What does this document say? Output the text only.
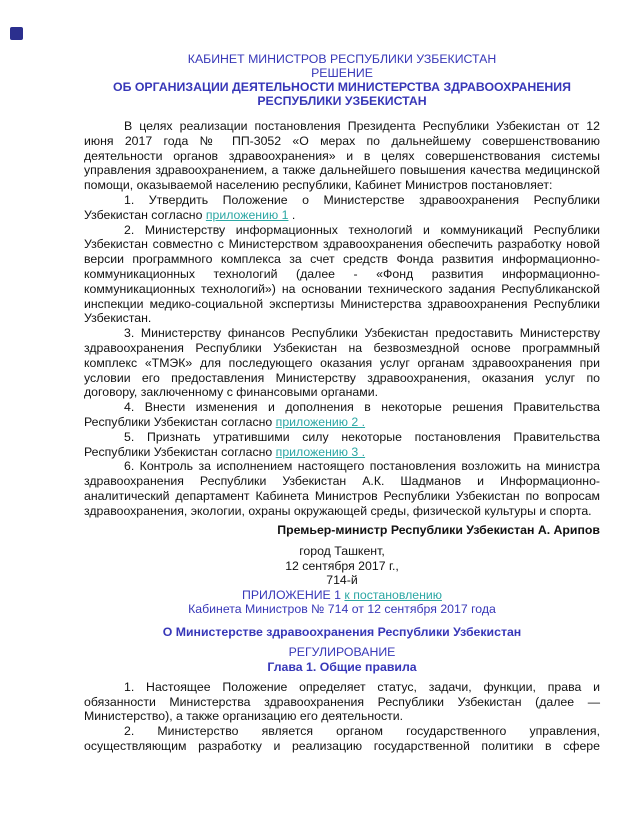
КАБИНЕТ МИНИСТРОВ РЕСПУБЛИКИ УЗБЕКИСТАН
РЕШЕНИЕ
ОБ ОРГАНИЗАЦИИ ДЕЯТЕЛЬНОСТИ МИНИСТЕРСТВА ЗДРАВООХРАНЕНИЯ РЕСПУБЛИКИ УЗБЕКИСТАН

В целях реализации постановления Президента Республики Узбекистан от 12 июня 2017 года № ПП-3052 «О мерах по дальнейшему совершенствованию деятельности органов здравоохранения» и в целях совершенствования системы управления здравоохранением, а также дальнейшего повышения качества медицинской помощи, оказываемой населению республики, Кабинет Министров постановляет:

1. Утвердить Положение о Министерстве здравоохранения Республики Узбекистан согласно приложению 1 .

2. Министерству информационных технологий и коммуникаций Республики Узбекистан совместно с Министерством здравоохранения обеспечить разработку новой версии программного комплекса за счет средств Фонда развития информационно-коммуникационных технологий (далее - «Фонд развития информационно-коммуникационных технологий») на основании технического задания Республиканской инспекции медико-социальной экспертизы Министерства здравоохранения Республики Узбекистан.

3. Министерству финансов Республики Узбекистан предоставить Министерству здравоохранения Республики Узбекистан на безвозмездной основе программный комплекс «ТМЭК» для последующего оказания услуг органам здравоохранения при условии его предоставления Министерству здравоохранения, оказания услуг по договору, заключенному с финансовыми органами.

4. Внести изменения и дополнения в некоторые решения Правительства Республики Узбекистан согласно приложению 2 .

5. Признать утратившими силу некоторые постановления Правительства Республики Узбекистан согласно приложению 3 .

6. Контроль за исполнением настоящего постановления возложить на министра здравоохранения Республики Узбекистан А.К. Шадманов и Информационно-аналитический департамент Кабинета Министров Республики Узбекистан по вопросам здравоохранения, экологии, охраны окружающей среды, физической культуры и спорта.

Премьер-министр Республики Узбекистан А. Арипов
город Ташкент,
12 сентября 2017 г.,
714-й
ПРИЛОЖЕНИЕ 1 к постановлению
Кабинета Министров № 714 от 12 сентября 2017 года
О Министерстве здравоохранения Республики Узбекистан
РЕГУЛИРОВАНИЕ
Глава 1. Общие правила

1. Настоящее Положение определяет статус, задачи, функции, права и обязанности Министерства здравоохранения Республики Узбекистан (далее — Министерство), а также организацию его деятельности.

2. Министерство является органом государственного управления, осуществляющим разработку и реализацию государственной политики в сфере
